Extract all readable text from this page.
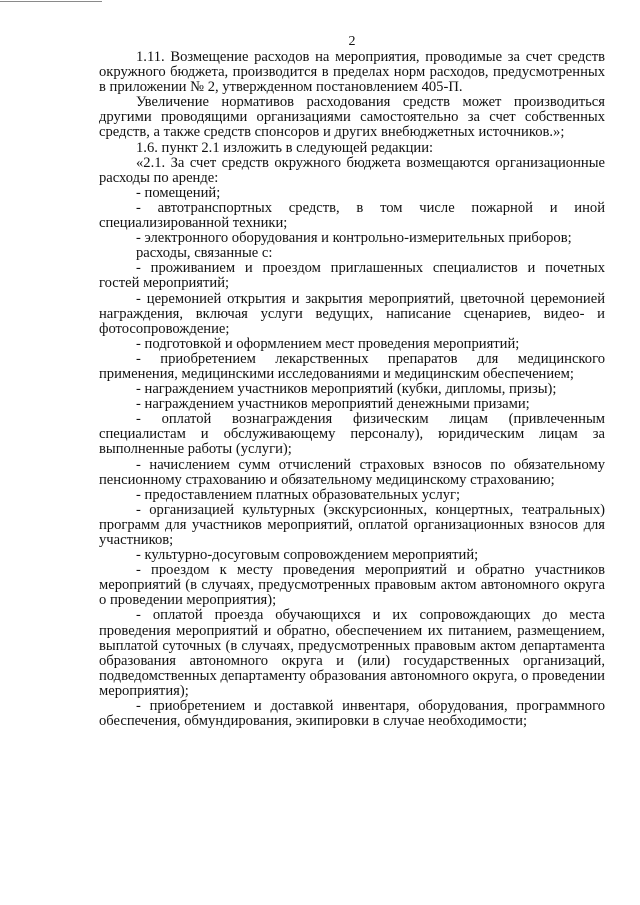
2

1.11. Возмещение расходов на мероприятия, проводимые за счет средств окружного бюджета, производится в пределах норм расходов, предусмотренных в приложении № 2, утвержденном постановлением 405-П.

Увеличение нормативов расходования средств может производиться другими проводящими организациями самостоятельно за счет собственных средств, а также средств спонсоров и других внебюджетных источников.»;

1.6. пункт 2.1 изложить в следующей редакции:

«2.1. За счет средств окружного бюджета возмещаются организационные расходы по аренде:

- помещений;

- автотранспортных средств, в том числе пожарной и иной специализированной техники;

- электронного оборудования и контрольно-измерительных приборов;

расходы, связанные с:

- проживанием и проездом приглашенных специалистов и почетных гостей мероприятий;

- церемонией открытия и закрытия мероприятий, цветочной церемонией награждения, включая услуги ведущих, написание сценариев, видео- и фотосопровождение;

- подготовкой и оформлением мест проведения мероприятий;

- приобретением лекарственных препаратов для медицинского применения, медицинскими исследованиями и медицинским обеспечением;

- награждением участников мероприятий (кубки, дипломы, призы);

- награждением участников мероприятий денежными призами;

- оплатой вознаграждения физическим лицам (привлеченным специалистам и обслуживающему персоналу), юридическим лицам за выполненные работы (услуги);

- начислением сумм отчислений страховых взносов по обязательному пенсионному страхованию и обязательному медицинскому страхованию;

- предоставлением платных образовательных услуг;

- организацией культурных (экскурсионных, концертных, театральных) программ для участников мероприятий, оплатой организационных взносов для участников;

- культурно-досуговым сопровождением мероприятий;

- проездом к месту проведения мероприятий и обратно участников мероприятий (в случаях, предусмотренных правовым актом автономного округа о проведении мероприятия);

- оплатой проезда обучающихся и их сопровождающих до места проведения мероприятий и обратно, обеспечением их питанием, размещением, выплатой суточных (в случаях, предусмотренных правовым актом департамента образования автономного округа и (или) государственных организаций, подведомственных департаменту образования автономного округа, о проведении мероприятия);

- приобретением и доставкой инвентаря, оборудования, программного обеспечения, обмундирования, экипировки в случае необходимости;
